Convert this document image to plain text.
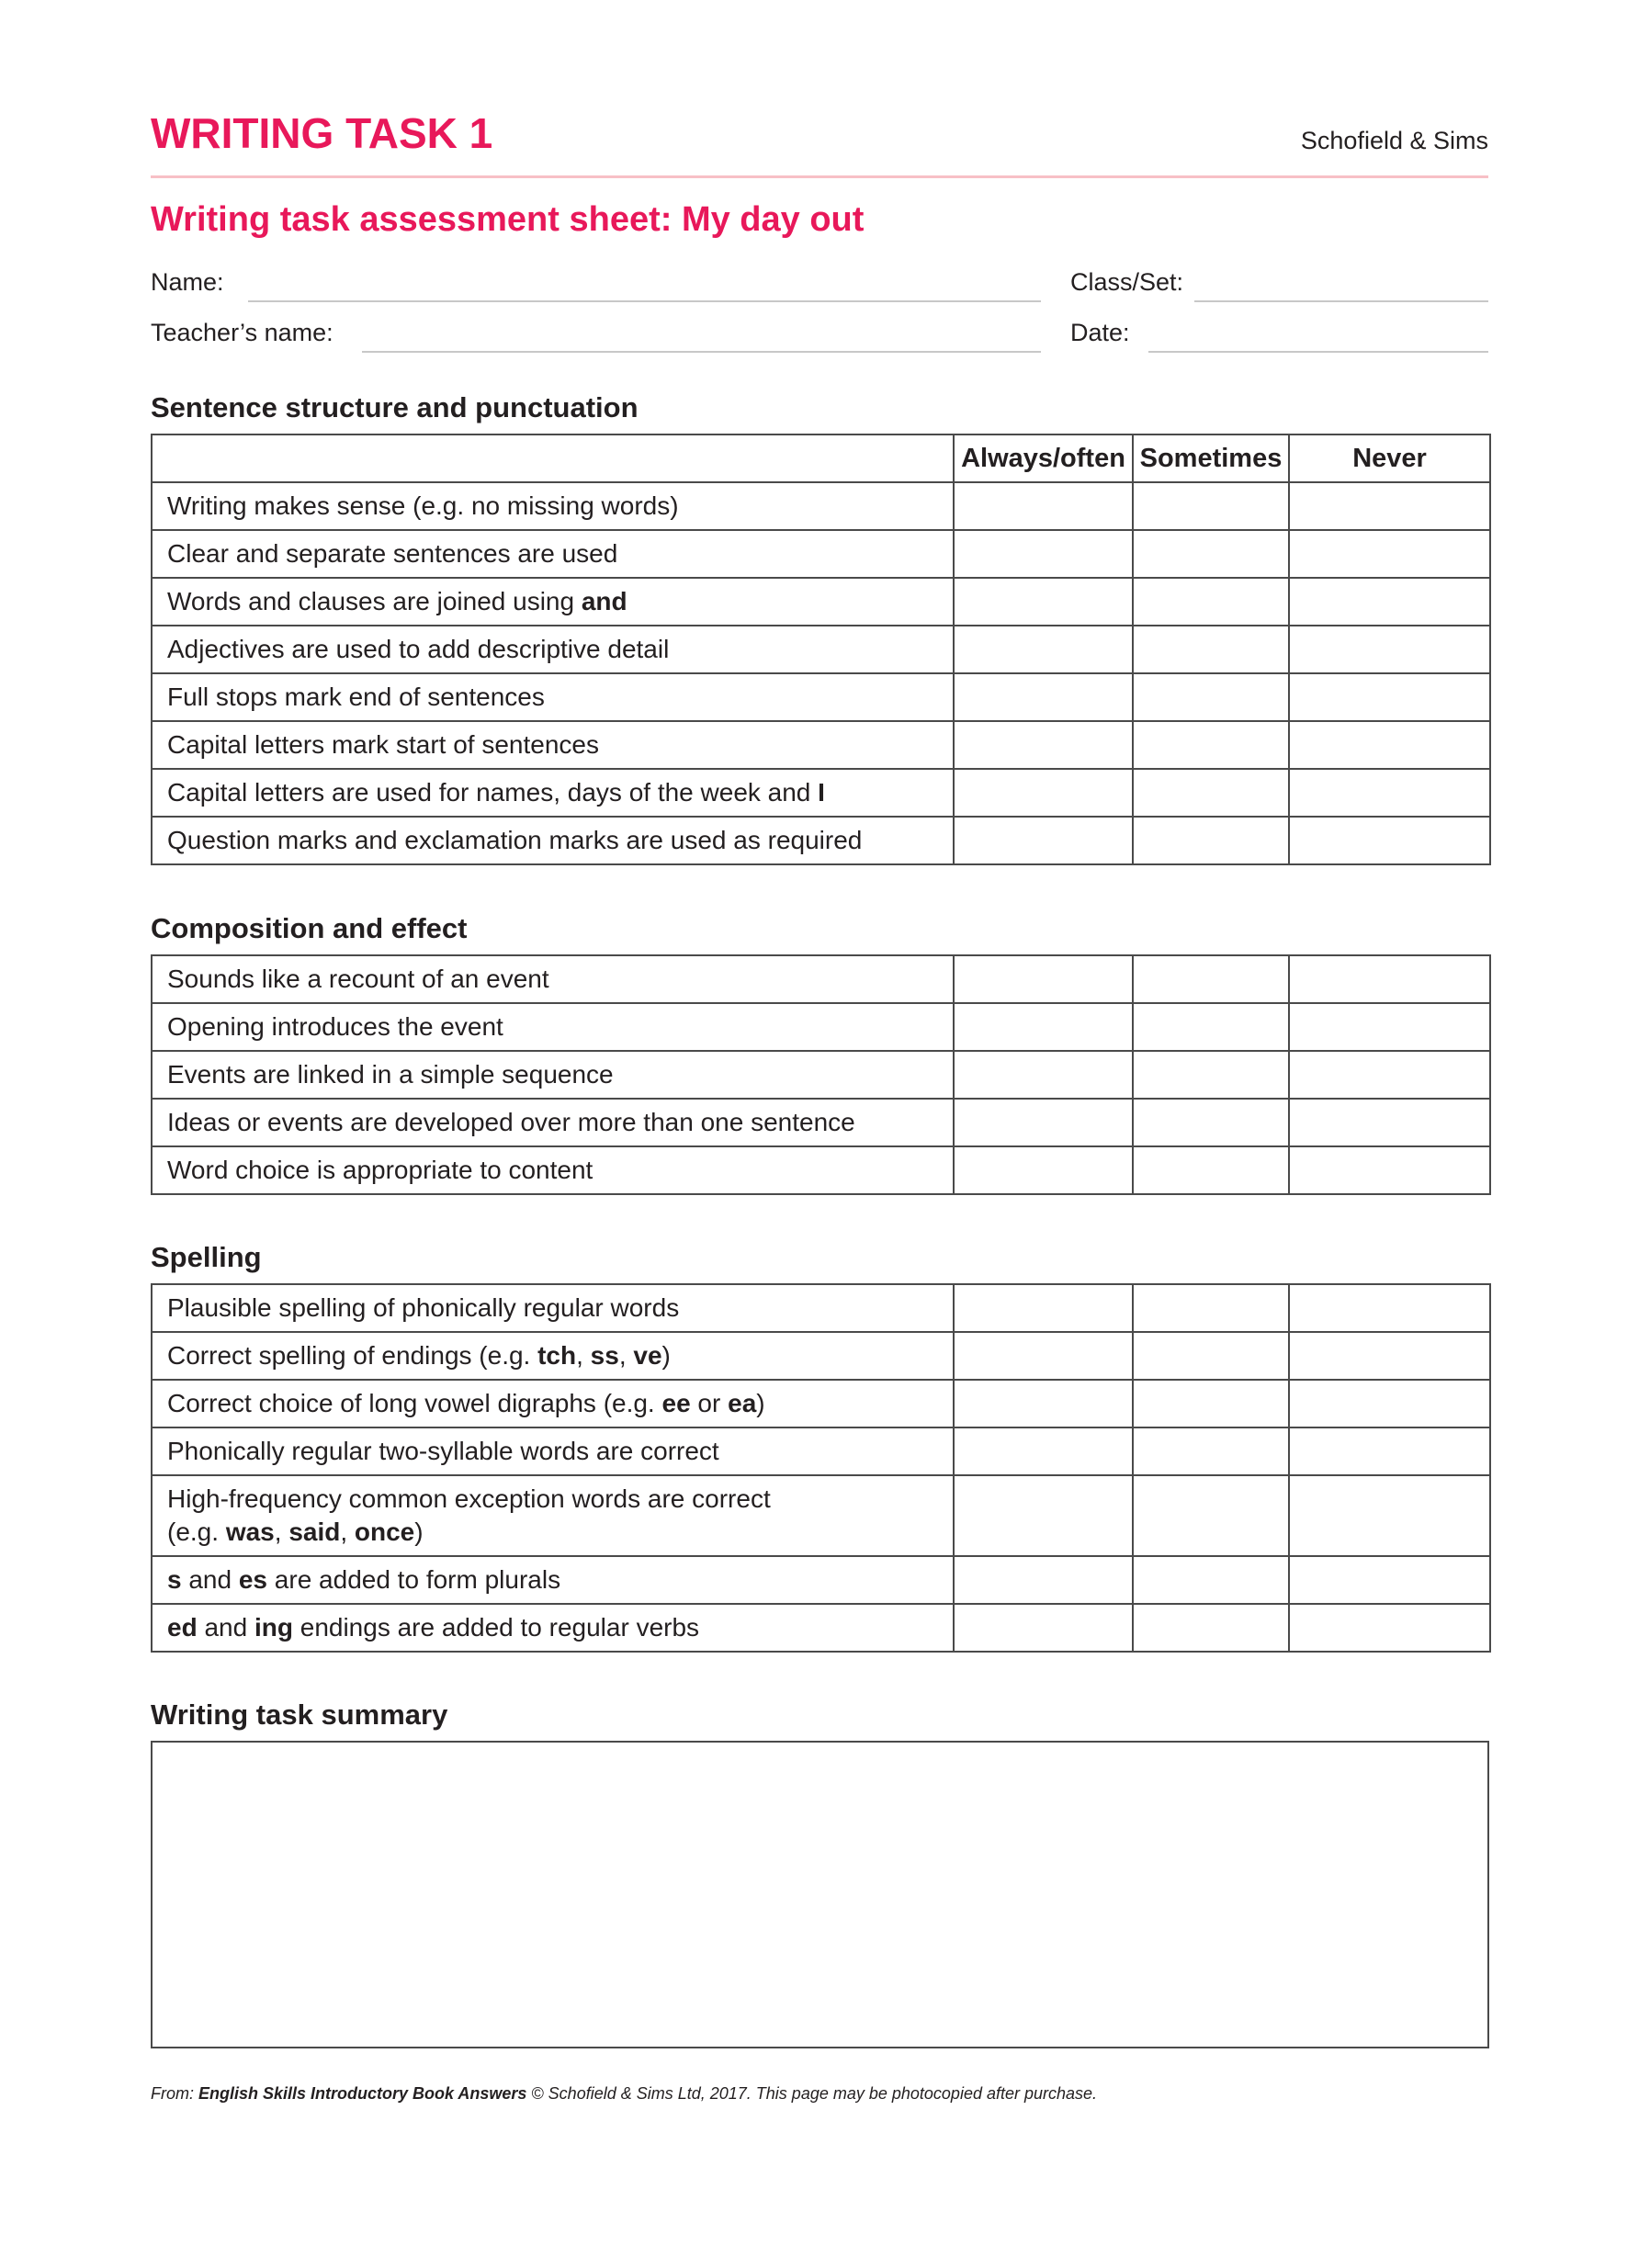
WRITING TASK 1	Schofield & Sims
Writing task assessment sheet: My day out
Name:	Class/Set:
Teacher’s name:	Date:
Sentence structure and punctuation
	Always/often	Sometimes	Never
Writing makes sense (e.g. no missing words)			
Clear and separate sentences are used			
Words and clauses are joined using and			
Adjectives are used to add descriptive detail			
Full stops mark end of sentences			
Capital letters mark start of sentences			
Capital letters are used for names, days of the week and I			
Question marks and exclamation marks are used as required			
Composition and effect
Sounds like a recount of an event			
Opening introduces the event			
Events are linked in a simple sequence			
Ideas or events are developed over more than one sentence			
Word choice is appropriate to content			
Spelling
Plausible spelling of phonically regular words			
Correct spelling of endings (e.g. tch, ss, ve)			
Correct choice of long vowel digraphs (e.g. ee or ea)			
Phonically regular two-syllable words are correct			
High-frequency common exception words are correct
(e.g. was, said, once)			
s and es are added to form plurals			
ed and ing endings are added to regular verbs			
Writing task summary
From: English Skills Introductory Book Answers © Schofield & Sims Ltd, 2017. This page may be photocopied after purchase.
